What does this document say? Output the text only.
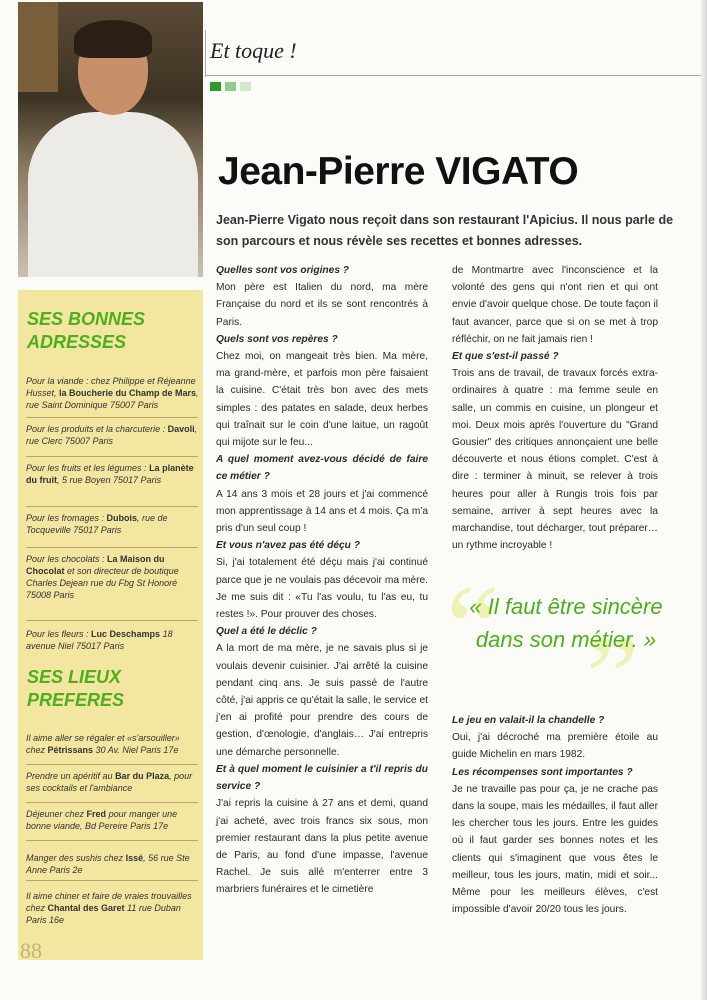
SES BONNES
ADRESSES
Pour la viande : chez Philippe et Réjeanne Husset, la Boucherie du Champ de Mars, rue Saint Dominique 75007 Paris
Pour les produits et la charcuterie : Davoli, rue Clerc 75007 Paris
Pour les fruits et les légumes : La planète du fruit, 5 rue Boyen 75017 Paris
Pour les fromages : Dubois, rue de Tocqueville 75017 Paris
Pour les chocolats : La Maison du Chocolat et son directeur de boutique Charles Dejean rue du Fbg St Honoré 75008 Paris
Pour les fleurs : Luc Deschamps 18 avenue Niel 75017 Paris
SES LIEUX
PREFERES
Il aime aller se régaler et «s'arsouiller» chez Pétrissans 30 Av. Niel Paris 17e
Prendre un apéritif au Bar du Plaza, pour ses cocktails et l'ambiance
Déjeuner chez Fred pour manger une bonne viande, Bd Pereire Paris 17e
Manger des sushis chez Issé, 56 rue Ste Anne Paris 2e
Il aime chiner et faire de vraies trouvailles chez Chantal des Garet 11 rue Duban Paris 16e
88
Et toque !
Jean-Pierre VIGATO
Jean-Pierre Vigato nous reçoit dans son restaurant l'Apicius. Il nous parle de son parcours et nous révèle ses recettes et bonnes adresses.
Quelles sont vos origines ?
Mon père est Italien du nord, ma mère Française du nord et ils se sont rencontrés à Paris.
Quels sont vos repères ?
Chez moi, on mangeait très bien. Ma mère, ma grand-mère, et parfois mon père faisaient la cuisine. C'était très bon avec des mets simples : des patates en salade, deux herbes qui traînait sur le coin d'une laitue, un ragoût qui mijote sur le feu...
A quel moment avez-vous décidé de faire ce métier ?
A 14 ans 3 mois et 28 jours et j'ai commencé mon apprentissage à 14 ans et 4 mois. Ça m'a pris d'un seul coup !
Et vous n'avez pas été déçu ?
Si, j'ai totalement été déçu mais j'ai continué parce que je ne voulais pas décevoir ma mère. Je me suis dit : «Tu l'as voulu, tu l'as eu, tu restes !». Pour prouver des choses.
Quel a été le déclic ?
A la mort de ma mère, je ne savais plus si je voulais devenir cuisinier. J'ai arrêté la cuisine pendant cinq ans. Je suis passé de l'autre côté, j'ai appris ce qu'était la salle, le service et j'en ai profité pour prendre des cours de gestion, d'œnologie, d'anglais… J'ai entrepris une démarche personnelle.
Et à quel moment le cuisinier a t'il repris du service ?
J'ai repris la cuisine à 27 ans et demi, quand j'ai acheté, avec trois francs six sous, mon premier restaurant dans la plus petite avenue de Paris, au fond d'une impasse, l'avenue Rachel. Je suis allé m'enterrer entre 3 marbriers funéraires et le cimetière
de Montmartre avec l'inconscience et la volonté des gens qui n'ont rien et qui ont envie d'avoir quelque chose. De toute façon il faut avancer, parce que si on se met à trop réfléchir, on ne fait jamais rien !
Et que s'est-il passé ?
Trois ans de travail, de travaux forcés extra-ordinaires à quatre : ma femme seule en salle, un commis en cuisine, un plongeur et moi. Deux mois après l'ouverture du "Grand Gousier" des critiques annonçaient une belle découverte et nous étions complet. C'est à dire : terminer à minuit, se relever à trois heures pour aller à Rungis trois fois par semaine, arriver à sept heures avec la marchandise, tout décharger, tout préparer…un rythme incroyable !
“ ”
« Il faut être sincère dans son métier. »
Le jeu en valait-il la chandelle ?
Oui, j'ai décroché ma première étoile au guide Michelin en mars 1982.
Les récompenses sont importantes ?
Je ne travaille pas pour ça, je ne crache pas dans la soupe, mais les médailles, il faut aller les chercher tous les jours. Entre les guides où il faut garder ses bonnes notes et les clients qui s'imaginent que vous êtes le meilleur, tous les jours, matin, midi et soir... Même pour les meilleurs élèves, c'est impossible d'avoir 20/20 tous les jours.
